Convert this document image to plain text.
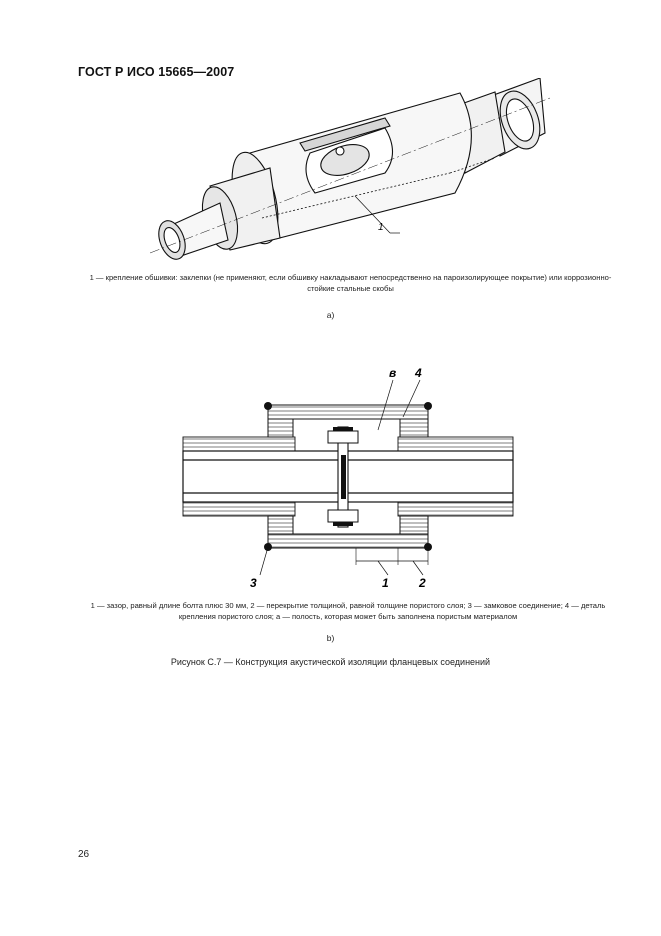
ГОСТ Р ИСО 15665—2007
1
1 — крепление обшивки: заклепки (не применяют, если обшивку накладывают непосредственно на пароизолирующее покрытие) или коррозионно-стойкие стальные скобы
а)
в 4
1	2
3
1 — зазор, равный длине болта плюс 30 мм, 2 — перекрытие толщиной, равной толщине пористого слоя; 3 — замковое соединение; 4 — деталь крепления пористого слоя; а — полость, которая может быть заполнена пористым материалом
b)
Рисунок С.7 — Конструкция акустической изоляции фланцевых соединений
26
